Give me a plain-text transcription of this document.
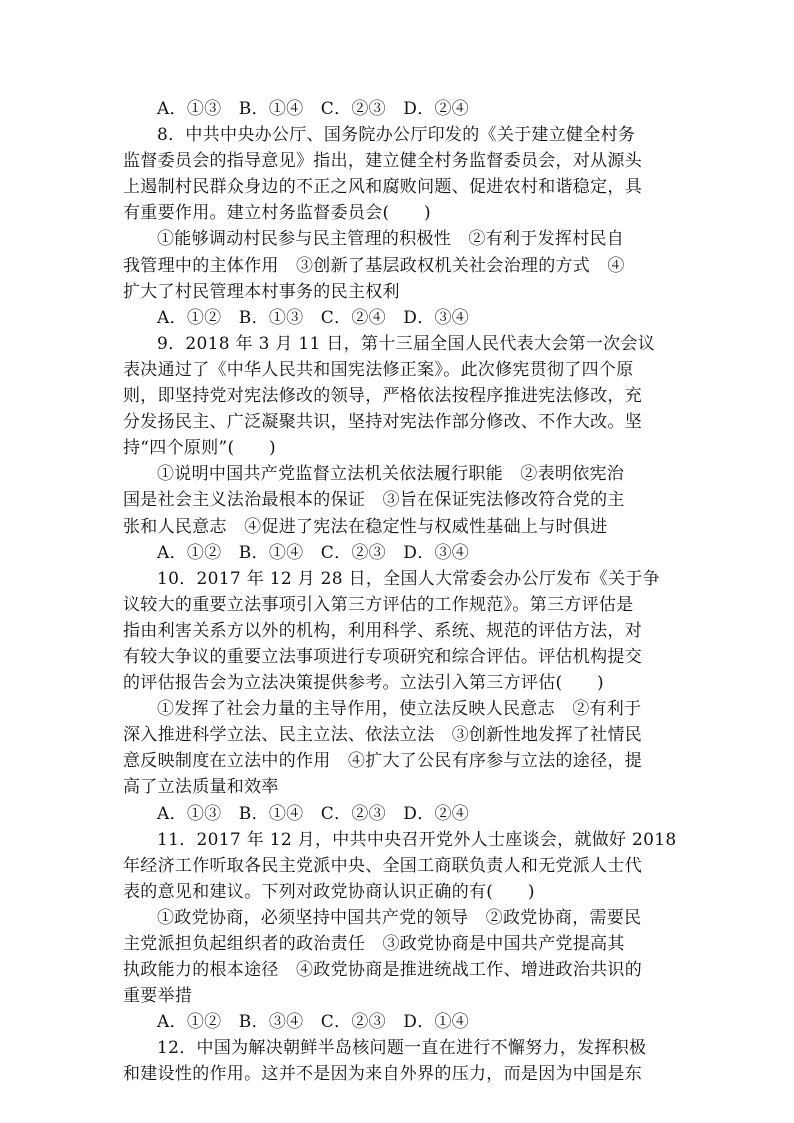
A．①③　B．①④　C．②③　D．②④
8．中共中央办公厅、国务院办公厅印发的《关于建立健全村务
监督委员会的指导意见》指出，建立健全村务监督委员会，对从源头
上遏制村民群众身边的不正之风和腐败问题、促进农村和谐稳定，具
有重要作用。建立村务监督委员会(　　)
①能够调动村民参与民主管理的积极性　②有利于发挥村民自
我管理中的主体作用　③创新了基层政权机关社会治理的方式　④
扩大了村民管理本村事务的民主权利
A．①②　B．①③　C．②④　D．③④
9．2018 年 3 月 11 日，第十三届全国人民代表大会第一次会议
表决通过了《中华人民共和国宪法修正案》。此次修宪贯彻了四个原
则，即坚持党对宪法修改的领导，严格依法按程序推进宪法修改，充
分发扬民主、广泛凝聚共识，坚持对宪法作部分修改、不作大改。坚
持“四个原则”(　　)
①说明中国共产党监督立法机关依法履行职能　②表明依宪治
国是社会主义法治最根本的保证　③旨在保证宪法修改符合党的主
张和人民意志　④促进了宪法在稳定性与权威性基础上与时俱进
A．①②　B．①④　C．②③　D．③④
10．2017 年 12 月 28 日，全国人大常委会办公厅发布《关于争
议较大的重要立法事项引入第三方评估的工作规范》。第三方评估是
指由利害关系方以外的机构，利用科学、系统、规范的评估方法，对
有较大争议的重要立法事项进行专项研究和综合评估。评估机构提交
的评估报告会为立法决策提供参考。立法引入第三方评估(　　)
①发挥了社会力量的主导作用，使立法反映人民意志　②有利于
深入推进科学立法、民主立法、依法立法　③创新性地发挥了社情民
意反映制度在立法中的作用　④扩大了公民有序参与立法的途径，提
高了立法质量和效率
A．①③　B．①④　C．②③　D．②④
11．2017 年 12 月，中共中央召开党外人士座谈会，就做好 2018
年经济工作听取各民主党派中央、全国工商联负责人和无党派人士代
表的意见和建议。下列对政党协商认识正确的有(　　)
①政党协商，必须坚持中国共产党的领导　②政党协商，需要民
主党派担负起组织者的政治责任　③政党协商是中国共产党提高其
执政能力的根本途径　④政党协商是推进统战工作、增进政治共识的
重要举措
A．①②　B．③④　C．②③　D．①④
12．中国为解决朝鲜半岛核问题一直在进行不懈努力，发挥积极
和建设性的作用。这并不是因为来自外界的压力，而是因为中国是东
